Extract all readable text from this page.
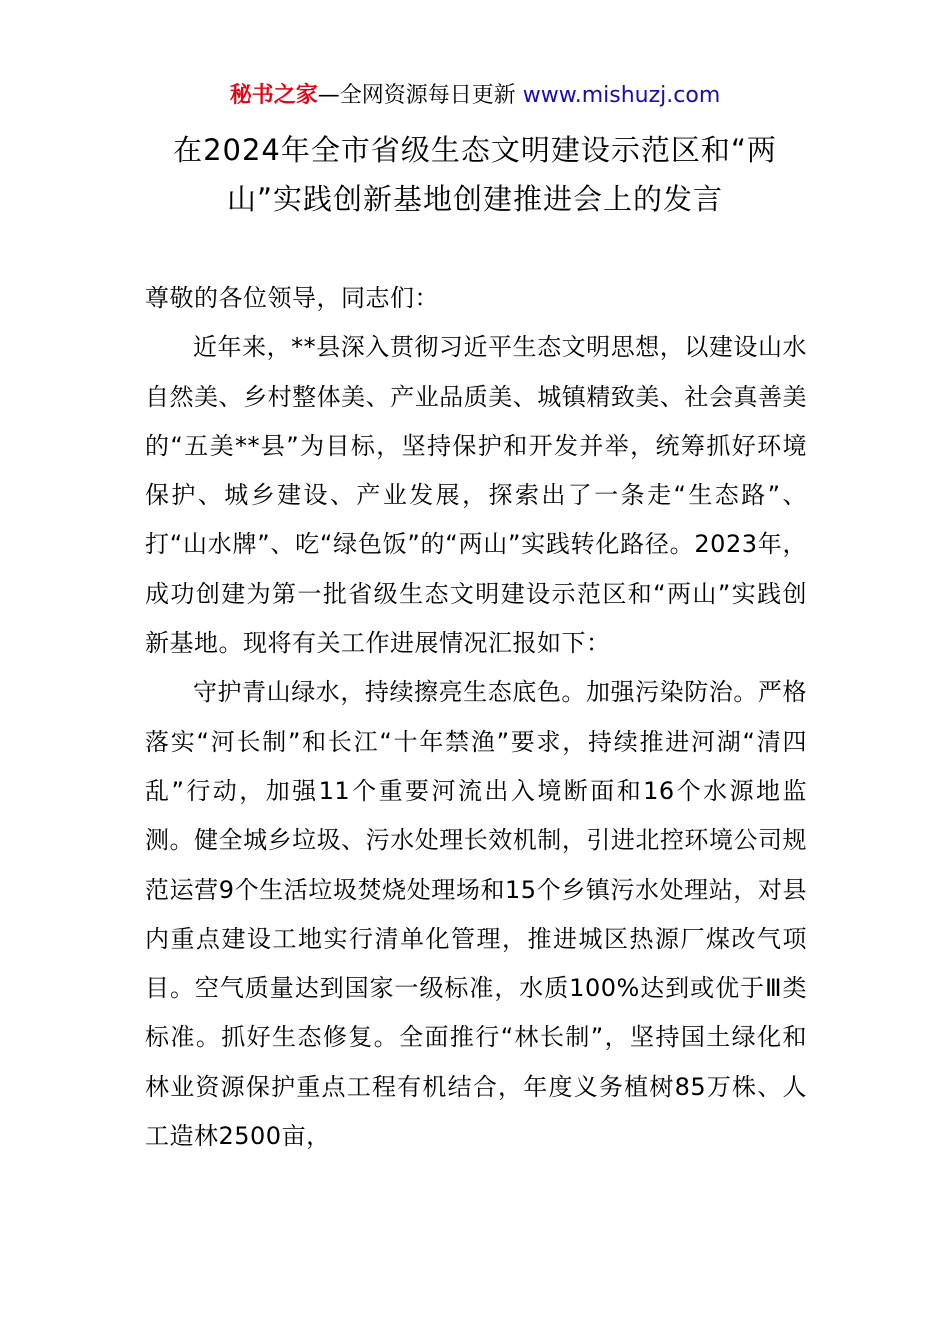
秘书之家—全网资源每日更新 www.mishuzj.com
在2024年全市省级生态文明建设示范区和“两山”实践创新基地创建推进会上的发言

尊敬的各位领导，同志们：

近年来，**县深入贯彻习近平生态文明思想，以建设山水自然美、乡村整体美、产业品质美、城镇精致美、社会真善美的“五美**县”为目标，坚持保护和开发并举，统筹抓好环境保护、城乡建设、产业发展，探索出了一条走“生态路”、打“山水牌”、吃“绿色饭”的“两山”实践转化路径。2023年，成功创建为第一批省级生态文明建设示范区和“两山”实践创新基地。现将有关工作进展情况汇报如下：

守护青山绿水，持续擦亮生态底色。加强污染防治。严格落实“河长制”和长江“十年禁渔”要求，持续推进河湖“清四乱”行动，加强11个重要河流出入境断面和16个水源地监测。健全城乡垃圾、污水处理长效机制，引进北控环境公司规范运营9个生活垃圾焚烧处理场和15个乡镇污水处理站，对县内重点建设工地实行清单化管理，推进城区热源厂煤改气项目。空气质量达到国家一级标准，水质100%达到或优于Ⅲ类标准。抓好生态修复。全面推行“林长制”，坚持国土绿化和林业资源保护重点工程有机结合，年度义务植树85万株、人工造林2500亩，
